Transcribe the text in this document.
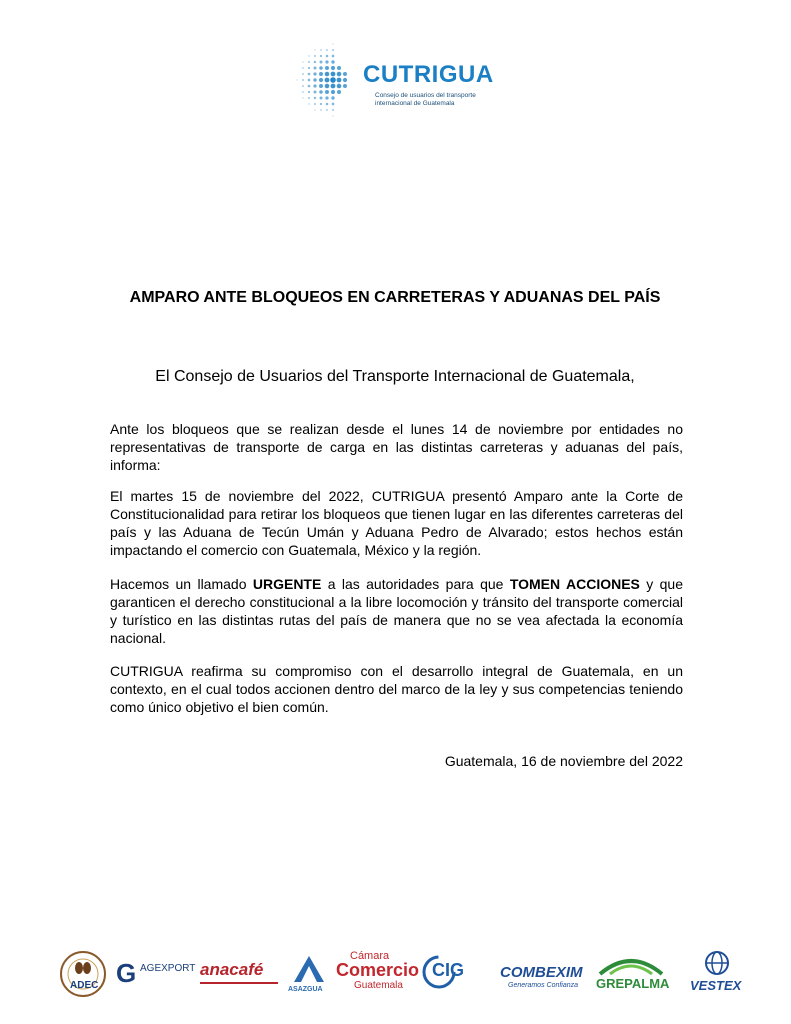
CUTRIGUA
Consejo de usuarios del transporte internacional de Guatemala
AMPARO ANTE BLOQUEOS EN CARRETERAS Y ADUANAS DEL PAÍS
El Consejo de Usuarios del Transporte Internacional de Guatemala,
Ante los bloqueos que se realizan desde el lunes 14 de noviembre por entidades no representativas de transporte de carga en las distintas carreteras y aduanas del país, informa:
El martes 15 de noviembre del 2022, CUTRIGUA presentó Amparo ante la Corte de Constitucionalidad para retirar los bloqueos que tienen lugar en las diferentes carreteras del país y las Aduana de Tecún Umán y Aduana Pedro de Alvarado; estos hechos están impactando el comercio con Guatemala, México y la región.
Hacemos un llamado URGENTE a las autoridades para que TOMEN ACCIONES y que garanticen el derecho constitucional a la libre locomoción y tránsito del transporte comercial y turístico en las distintas rutas del país de manera que no se vea afectada la economía nacional.
CUTRIGUA reafirma su compromiso con el desarrollo integral de Guatemala, en un contexto, en el cual todos accionen dentro del marco de la ley y sus competencias teniendo como único objetivo el bien común.
Guatemala, 16 de noviembre del 2022
ADEC G AGEXPORT anacafé
ASAZGUA
Cámara
Comercio
Guatemala
CIG COMBEXIM
Generamos Confianza GREPALMA VESTEX
